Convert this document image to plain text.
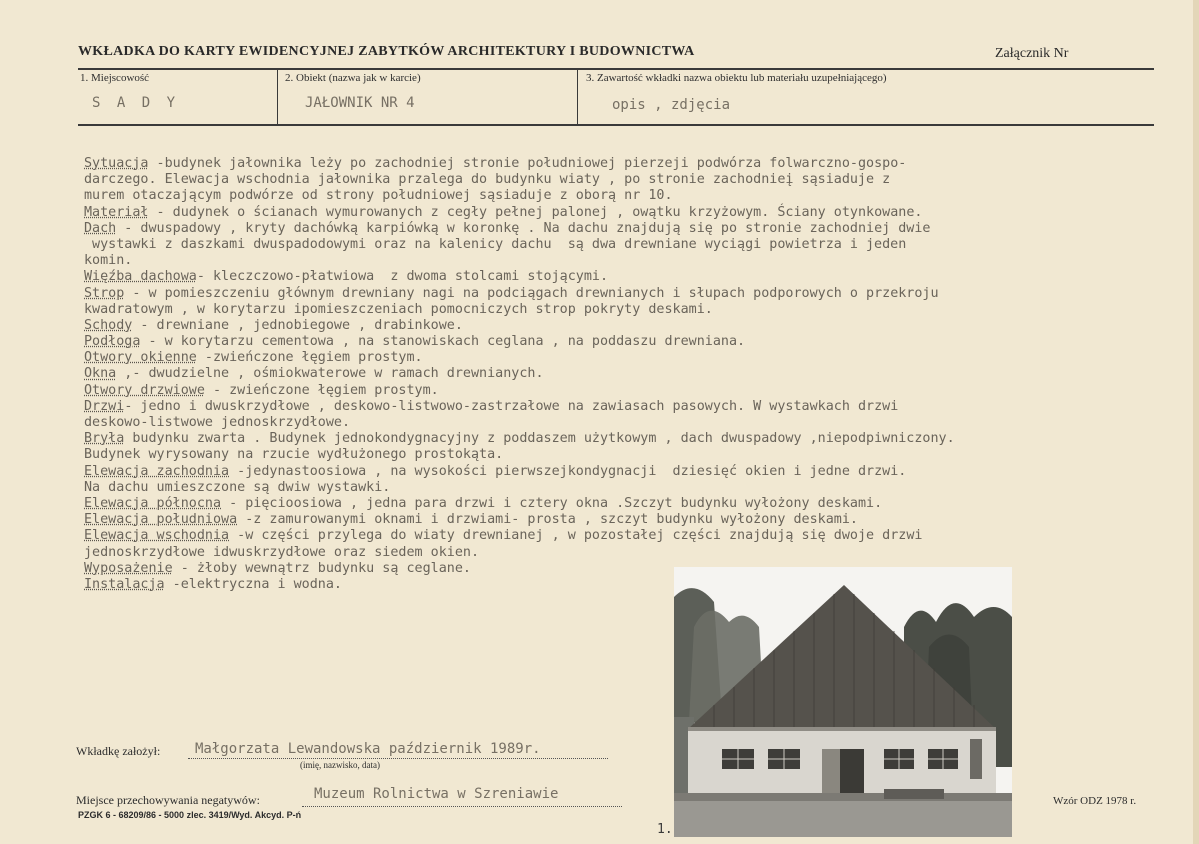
WKŁADKA DO KARTY EWIDENCYJNEJ ZABYTKÓW ARCHITEKTURY I BUDOWNICTWA	Załącznik Nr
1. Miejscowość
S A D Y
2. Obiekt (nazwa jak w karcie)
JAŁOWNIK NR 4
3. Zawartość wkładki nazwa obiektu lub materiału uzupełniającego)
opis , zdjęcia
Sytuacja -budynek jałownika leży po zachodniej stronie południowej pierzeji podwórza folwarczno-gospo-
darczego. Elewacja wschodnia jałownika przalega do budynku wiaty , po stronie zachodnieį sąsiaduje z
murem otaczającym podwórze od strony południowej sąsiaduje z oborą nr 10.
Materiał - dudynek o ścianach wymurowanych z cegły pełnej palonej , owątku krzyżowym. Ściany otynkowane.
Dach - dwuspadowy , kryty dachówką karpiówką w koronkę . Na dachu znajdują się po stronie zachodniej dwie
wystawki z daszkami dwuspadodowymi oraz na kalenicy dachu  są dwa drewniane wyciągi powietrza i jeden
komin.
Więźba dachowa- kleczczowo-płatwiowa  z dwoma stolcami stojącymi.
Strop - w pomieszczeniu głównym drewniany nagi na podciągach drewnianych i słupach podporowych o przekroju
kwadratowym , w korytarzu ipomieszczeniach pomocniczych strop pokryty deskami.
Schody - drewniane , jednobiegowe , drabinkowe.
Podłoga - w korytarzu cementowa , na stanowiskach ceglana , na poddaszu drewniana.
Otwory okienne -zwieńczone łęgiem prostym.
Okna ,- dwudzielne , ośmiokwaterowe w ramach drewnianych.
Otwory drzwiowe - zwieńczone łęgiem prostym.
Drzwi- jedno i dwuskrzydłowe , deskowo-listwowo-zastrzałowe na zawiasach pasowych. W wystawkach drzwi
deskowo-listwowe jednoskrzydłowe.
Bryła budynku zwarta . Budynek jednokondygnacyjny z poddaszem użytkowym , dach dwuspadowy ,niepodpiwniczony.
Budynek wyrysowany na rzucie wydłużonego prostokąta.
Elewacja zachodnia -jedynastoosiowa , na wysokości pierwszejkondygnacji  dziesięć okien i jedne drzwi.
Na dachu umieszczone są dwiw wystawki.
Elewacja północna - pięcioosiowa , jedna para drzwi i cztery okna .Szczyt budynku wyłożony deskami.
Elewacja południowa -z zamurowanymi oknami i drzwiami- prosta , szczyt budynku wyłożony deskami.
Elewacja wschodnia -w części przylega do wiaty drewnianej , w pozostałej części znajdują się dwoje drzwi
jednoskrzydłowe idwuskrzydłowe oraz siedem okien.
Wyposażenie - żłoby wewnątrz budynku są ceglane.
Instalacja -elektryczna i wodna.
1.
Wkładkę założył: Małgorzata Lewandowska październik 1989r.
(imię, nazwisko, data)
Miejsce przechowywania negatywów:	Muzeum Rolnictwa w Szreniawie
PZGK 6 - 68209/86 - 5000 zlec. 3419/Wyd. Akcyd. P-ń
Wzór ODZ 1978 r.
